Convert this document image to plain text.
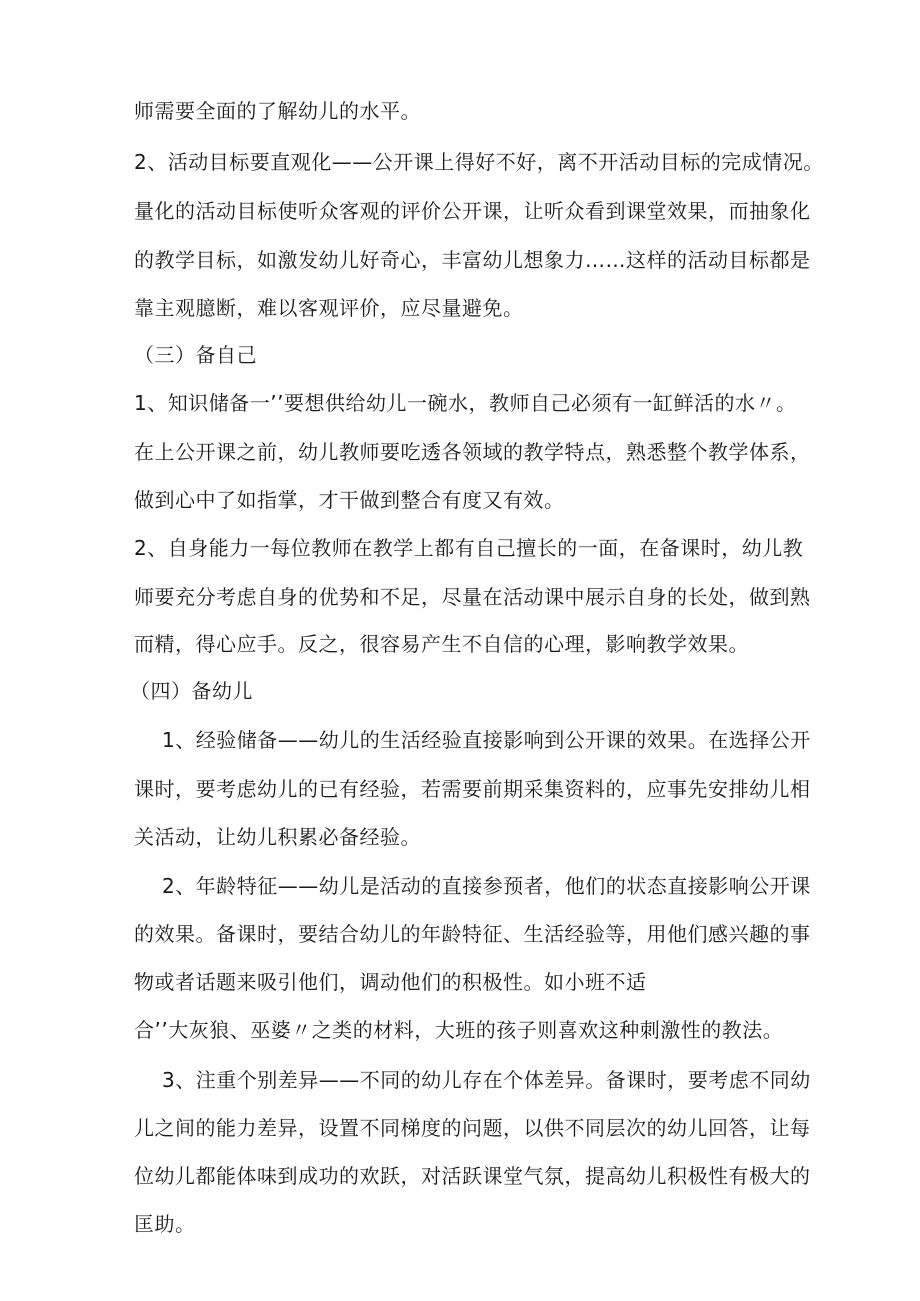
师需要全面的了解幼儿的水平。

2、活动目标要直观化——公开课上得好不好，离不开活动目标的完成情况。

量化的活动目标使听众客观的评价公开课，让听众看到课堂效果，而抽象化

的教学目标，如激发幼儿好奇心，丰富幼儿想象力……这样的活动目标都是

靠主观臆断，难以客观评价，应尽量避免。

（三）备自己

1、知识储备一’’要想供给幼儿一碗水，教师自己必须有一缸鲜活的水〃。

在上公开课之前，幼儿教师要吃透各领域的教学特点，熟悉整个教学体系，

做到心中了如指掌，才干做到整合有度又有效。

2、自身能力一每位教师在教学上都有自己擅长的一面，在备课时，幼儿教

师要充分考虑自身的优势和不足，尽量在活动课中展示自身的长处，做到熟

而精，得心应手。反之，很容易产生不自信的心理，影响教学效果。

（四）备幼儿

1、经验储备——幼儿的生活经验直接影响到公开课的效果。在选择公开

课时，要考虑幼儿的已有经验，若需要前期采集资料的，应事先安排幼儿相

关活动，让幼儿积累必备经验。

2、年龄特征——幼儿是活动的直接参预者，他们的状态直接影响公开课

的效果。备课时，要结合幼儿的年龄特征、生活经验等，用他们感兴趣的事

物或者话题来吸引他们，调动他们的积极性。如小班不适

合’’大灰狼、巫婆〃之类的材料，大班的孩子则喜欢这种刺激性的教法。

3、注重个别差异——不同的幼儿存在个体差异。备课时，要考虑不同幼

儿之间的能力差异，设置不同梯度的问题，以供不同层次的幼儿回答，让每

位幼儿都能体味到成功的欢跃，对活跃课堂气氛，提高幼儿积极性有极大的

匡助。
